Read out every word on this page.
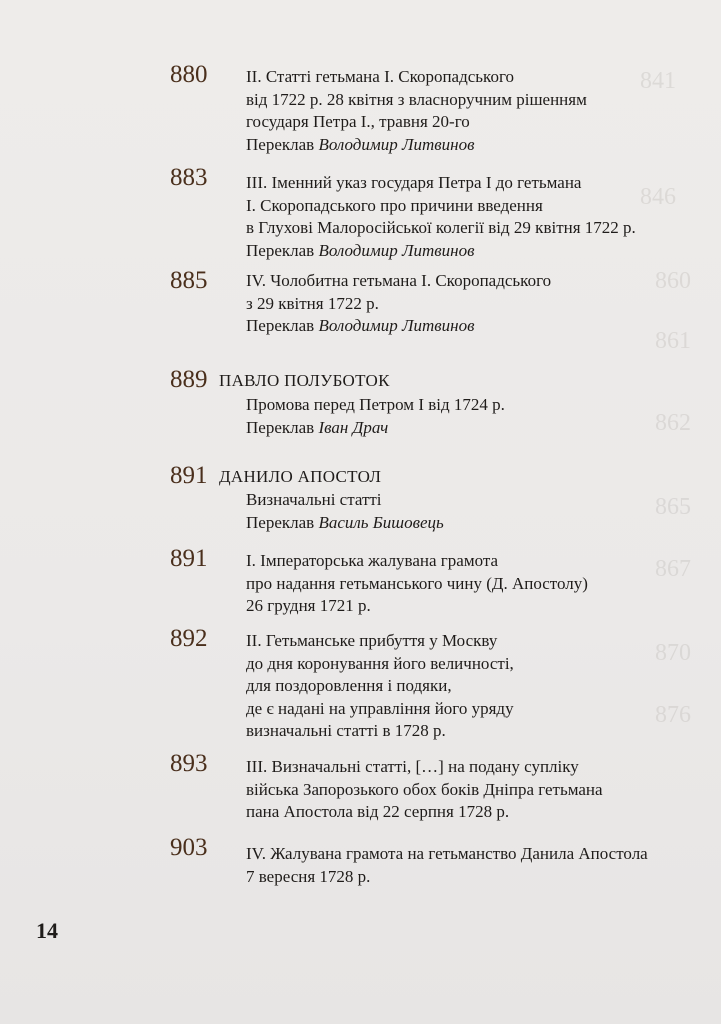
841
846
860
861
862
865
867
870
876
880 II. Статті гетьмана І. Скоропадського
від 1722 р. 28 квітня з власноручним рішенням
государя Петра І., травня 20-го
Переклав Володимир Литвинов
883 ІІІ. Іменний указ государя Петра І до гетьмана
І. Скоропадського про причини введення
в Глухові Малоросійської колегії від 29 квітня 1722 р.
Переклав Володимир Литвинов
885 IV. Чолобитна гетьмана І. Скоропадського
з 29 квітня 1722 р.
Переклав Володимир Литвинов
889 ПАВЛО ПОЛУБОТОК
Промова перед Петром І від 1724 р.
Переклав Іван Драч
891 ДАНИЛО АПОСТОЛ
Визначальні статті
Переклав Василь Бишовець
891 І. Імператорська жалувана грамота
про надання гетьманського чину (Д. Апостолу)
26 грудня 1721 р.
892 ІІ. Гетьманське прибуття у Москву
до дня коронування його величності,
для поздоровлення і подяки,
де є надані на управління його уряду
визначальні статті в 1728 р.
893 ІІІ. Визначальні статті, […] на подану супліку
війська Запорозького обох боків Дніпра гетьмана
пана Апостола від 22 серпня 1728 р.
903 IV. Жалувана грамота на гетьманство Данила Апостола
7 вересня 1728 р.
14
